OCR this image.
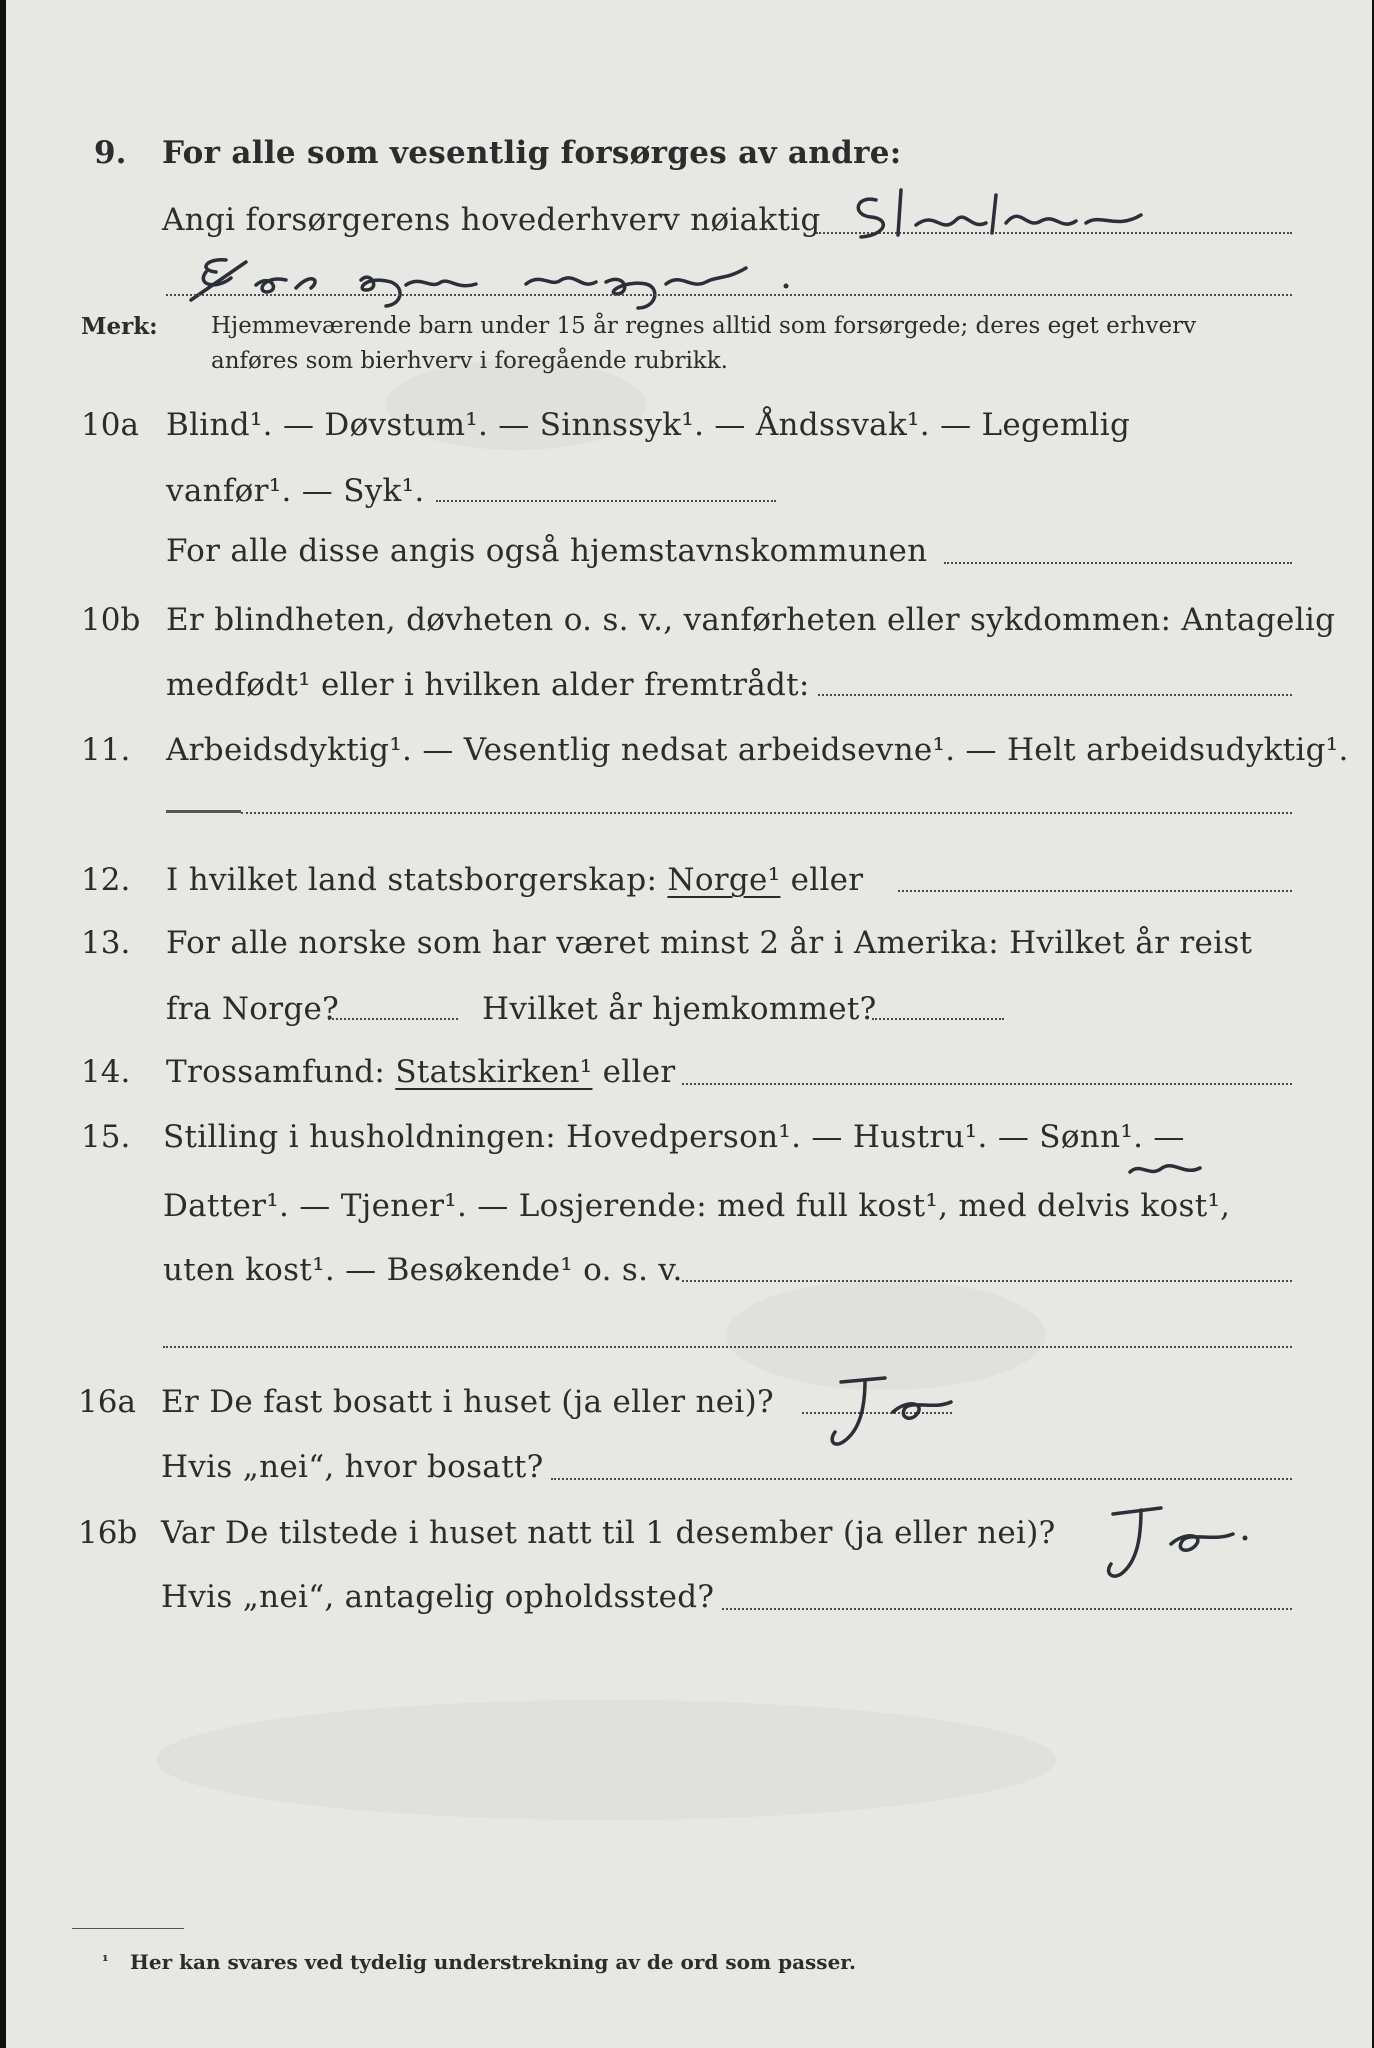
9. For alle som vesentlig forsørges av andre:
Angi forsørgerens hovederhverv nøiaktig
Merk: Hjemmeværende barn under 15 år regnes alltid som forsørgede; deres eget erhverv
anføres som bierhverv i foregående rubrikk.
10a Blind¹. — Døvstum¹. — Sinnssyk¹. — Åndssvak¹. — Legemlig
vanfør¹. — Syk¹.
For alle disse angis også hjemstavnskommunen
10b Er blindheten, døvheten o. s. v., vanførheten eller sykdommen: Antagelig
medfødt¹ eller i hvilken alder fremtrådt:
11. Arbeidsdyktig¹. — Vesentlig nedsat arbeidsevne¹. — Helt arbeidsudyktig¹.
12. I hvilket land statsborgerskap: Norge¹ eller
13. For alle norske som har været minst 2 år i Amerika: Hvilket år reist
fra Norge?	Hvilket år hjemkommet?
14. Trossamfund: Statskirken¹ eller
15. Stilling i husholdningen: Hovedperson¹. — Hustru¹. — Sønn¹. —
Datter¹. — Tjener¹. — Losjerende: med full kost¹, med delvis kost¹,
uten kost¹. — Besøkende¹ o. s. v.
16a Er De fast bosatt i huset (ja eller nei)?
Hvis „nei“, hvor bosatt?
16b Var De tilstede i huset natt til 1 desember (ja eller nei)?
Hvis „nei“, antagelig opholdssted?
¹ Her kan svares ved tydelig understrekning av de ord som passer.
